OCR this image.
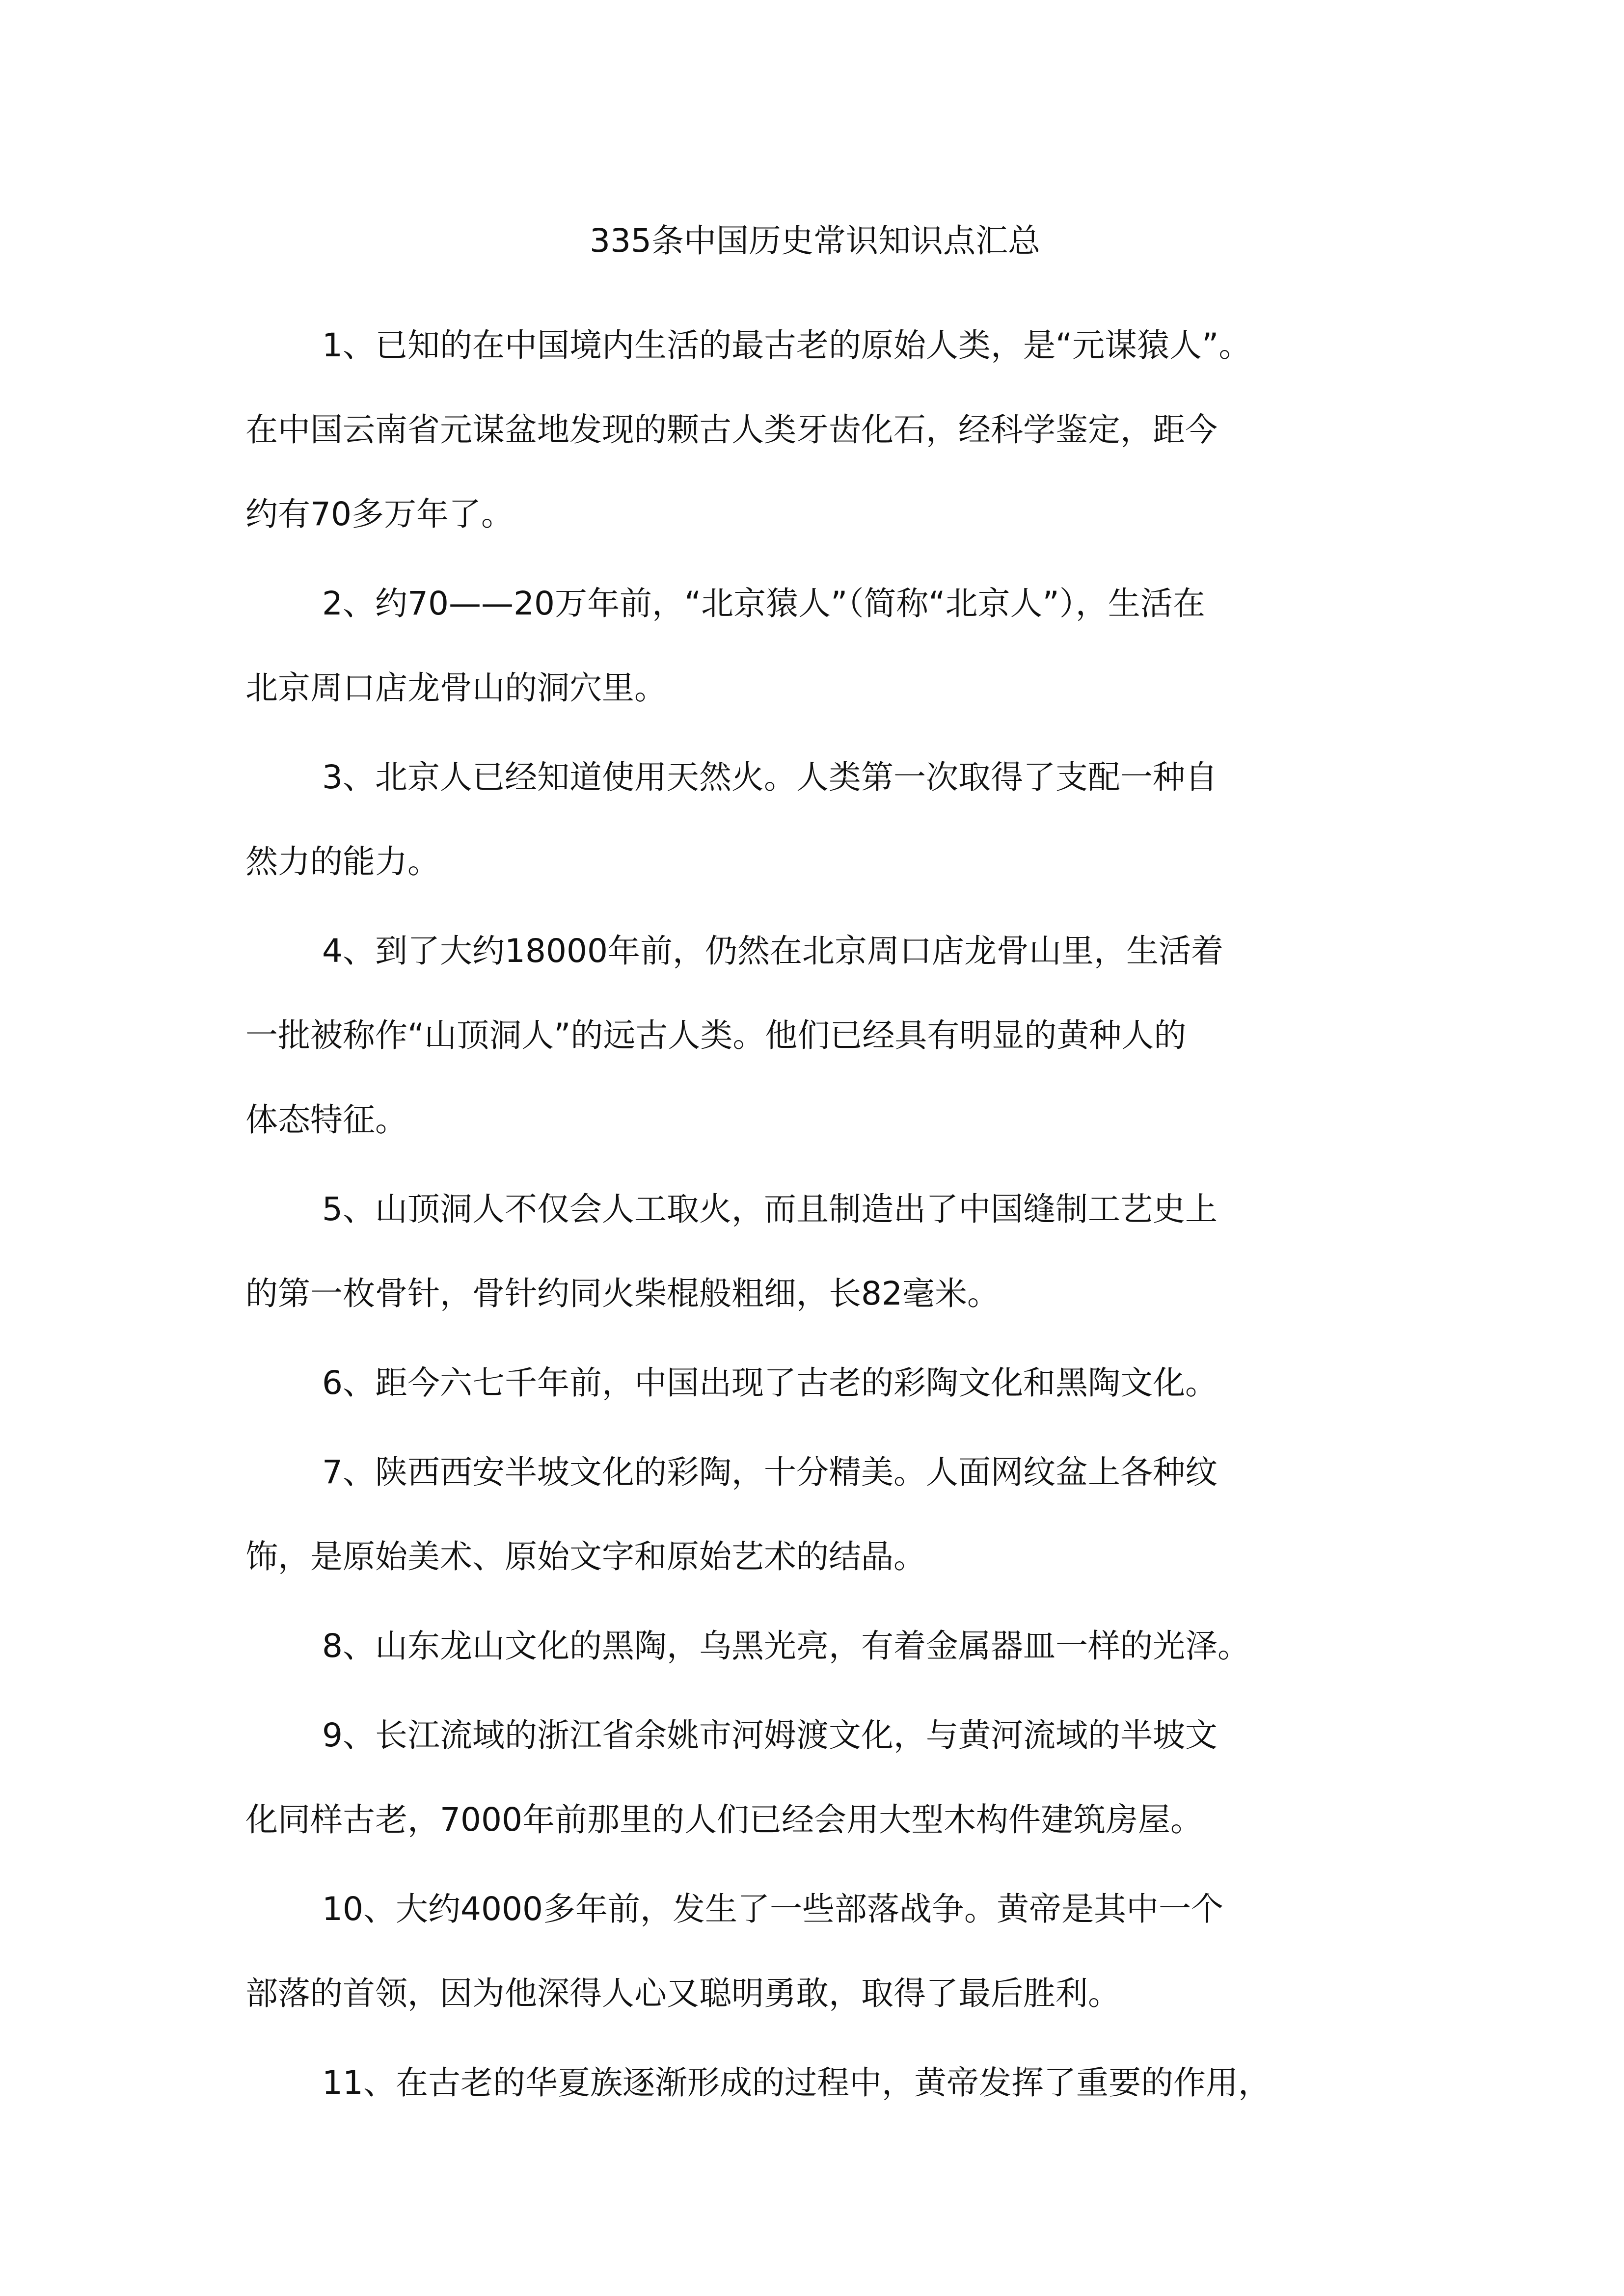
335条中国历史常识知识点汇总
1、已知的在中国境内生活的最古老的原始人类，是“元谋猿人”。
在中国云南省元谋盆地发现的颗古人类牙齿化石，经科学鉴定，距今
约有70多万年了。
2、约70——20万年前，“北京猿人”（简称“北京人”），生活在
北京周口店龙骨山的洞穴里。
3、北京人已经知道使用天然火。人类第一次取得了支配一种自
然力的能力。
4、到了大约18000年前，仍然在北京周口店龙骨山里，生活着
一批被称作“山顶洞人”的远古人类。他们已经具有明显的黄种人的
体态特征。
5、山顶洞人不仅会人工取火，而且制造出了中国缝制工艺史上
的第一枚骨针，骨针约同火柴棍般粗细，长82毫米。
6、距今六七千年前，中国出现了古老的彩陶文化和黑陶文化。
7、陕西西安半坡文化的彩陶，十分精美。人面网纹盆上各种纹
饰，是原始美术、原始文字和原始艺术的结晶。
8、山东龙山文化的黑陶，乌黑光亮，有着金属器皿一样的光泽。
9、长江流域的浙江省余姚市河姆渡文化，与黄河流域的半坡文
化同样古老，7000年前那里的人们已经会用大型木构件建筑房屋。
10、大约4000多年前，发生了一些部落战争。黄帝是其中一个
部落的首领，因为他深得人心又聪明勇敢，取得了最后胜利。
11、在古老的华夏族逐渐形成的过程中，黄帝发挥了重要的作用，
